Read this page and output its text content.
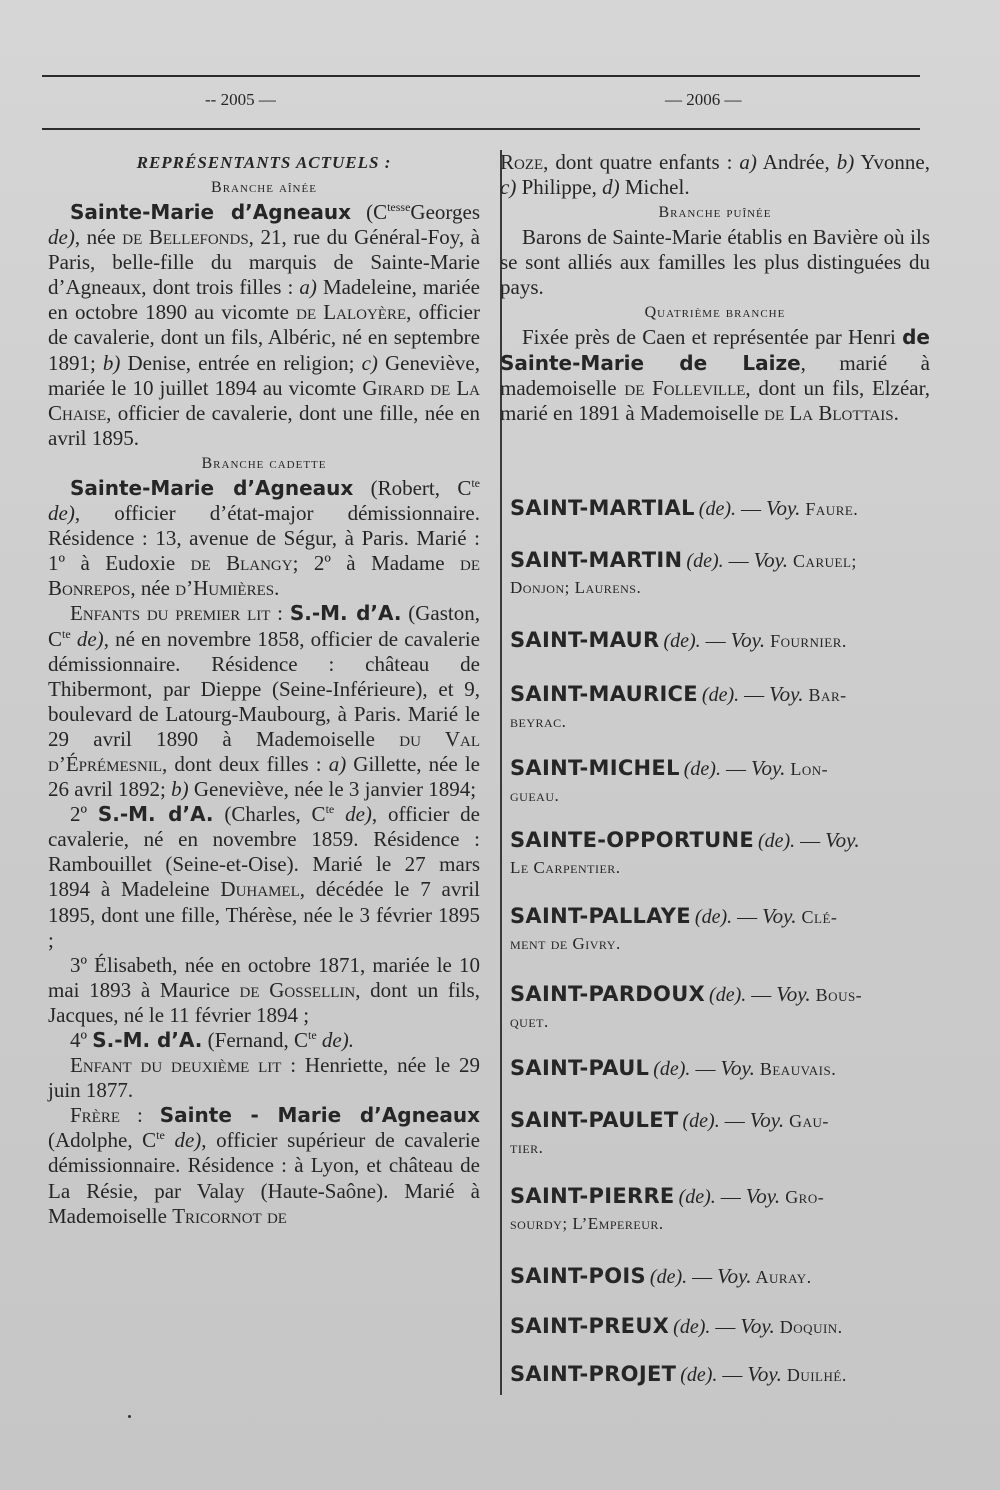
-- 2005 —	— 2006 —

REPRÉSENTANTS ACTUELS :

Branche aînée

Sainte-Marie d’Agneaux ($C^{tesse}Georges$ de), née de Bellefonds, 21, rue du Général-Foy, à Paris, belle-fille du marquis de Sainte-Marie d’Agneaux, dont trois filles : a) Madeleine, mariée en octobre 1890 au vicomte de Laloyère, officier de cavalerie, dont un fils, Albéric, né en septembre 1891; b) Denise, entrée en religion; c) Geneviève, mariée le 10 juillet 1894 au vicomte Girard de La Chaise, officier de cavalerie, dont une fille, née en avril 1895.

Branche cadette

Sainte-Marie d’Agneaux (Robert, $C^{te}$ de), officier d’état-major démissionnaire. Résidence : 13, avenue de Ségur, à Paris. Marié : 1º à Eudoxie de Blangy; 2º à Madame de Bonrepos, née d’Humières.

Enfants du premier lit : S.-M. d’A. (Gaston, $C^{te}$ de), né en novembre 1858, officier de cavalerie démissionnaire. Résidence : château de Thibermont, par Dieppe (Seine-Inférieure), et 9, boulevard de Latourg-Maubourg, à Paris. Marié le 29 avril 1890 à Mademoiselle du Val d’Éprémesnil, dont deux filles : a) Gillette, née le 26 avril 1892; b) Geneviève, née le 3 janvier 1894;

2º S.-M. d’A. (Charles, $C^{te}$ de), officier de cavalerie, né en novembre 1859. Résidence : Rambouillet (Seine-et-Oise). Marié le 27 mars 1894 à Madeleine Duhamel, décédée le 7 avril 1895, dont une fille, Thérèse, née le 3 février 1895 ;

3º Élisabeth, née en octobre 1871, mariée le 10 mai 1893 à Maurice de Gossellin, dont un fils, Jacques, né le 11 février 1894 ;

4º S.-M. d’A. (Fernand, $C^{te}$ de).

Enfant du deuxième lit : Henriette, née le 29 juin 1877.

Frère : Sainte - Marie d’Agneaux (Adolphe, $C^{te}$ de), officier supérieur de cavalerie démissionnaire. Résidence : à Lyon, et château de La Résie, par Valay (Haute-Saône). Marié à Mademoiselle Tricornot de

Roze, dont quatre enfants : a) Andrée, b) Yvonne, c) Philippe, d) Michel.

Branche puînée

Barons de Sainte-Marie établis en Bavière où ils se sont alliés aux familles les plus distinguées du pays.

Quatrième branche

Fixée près de Caen et représentée par Henri de Sainte-Marie de Laize, marié à mademoiselle de Folleville, dont un fils, Elzéar, marié en 1891 à Mademoiselle de La Blottais.

SAINT-MARTIAL (de). — Voy. Faure.

SAINT-MARTIN (de). — Voy. Caruel;

Donjon; Laurens.

SAINT-MAUR (de). — Voy. Fournier.

SAINT-MAURICE (de). — Voy. Bar-

beyrac.

SAINT-MICHEL (de). — Voy. Lon-

gueau.

SAINTE-OPPORTUNE (de). — Voy.

Le Carpentier.

SAINT-PALLAYE (de). — Voy. Clé-

ment de Givry.

SAINT-PARDOUX (de). — Voy. Bous-

quet.

SAINT-PAUL (de). — Voy. Beauvais.

SAINT-PAULET (de). — Voy. Gau-

tier.

SAINT-PIERRE (de). — Voy. Gro-

sourdy; L’Empereur.

SAINT-POIS (de). — Voy. Auray.

SAINT-PREUX (de). — Voy. Doquin.

SAINT-PROJET (de). — Voy. Duilhé.
